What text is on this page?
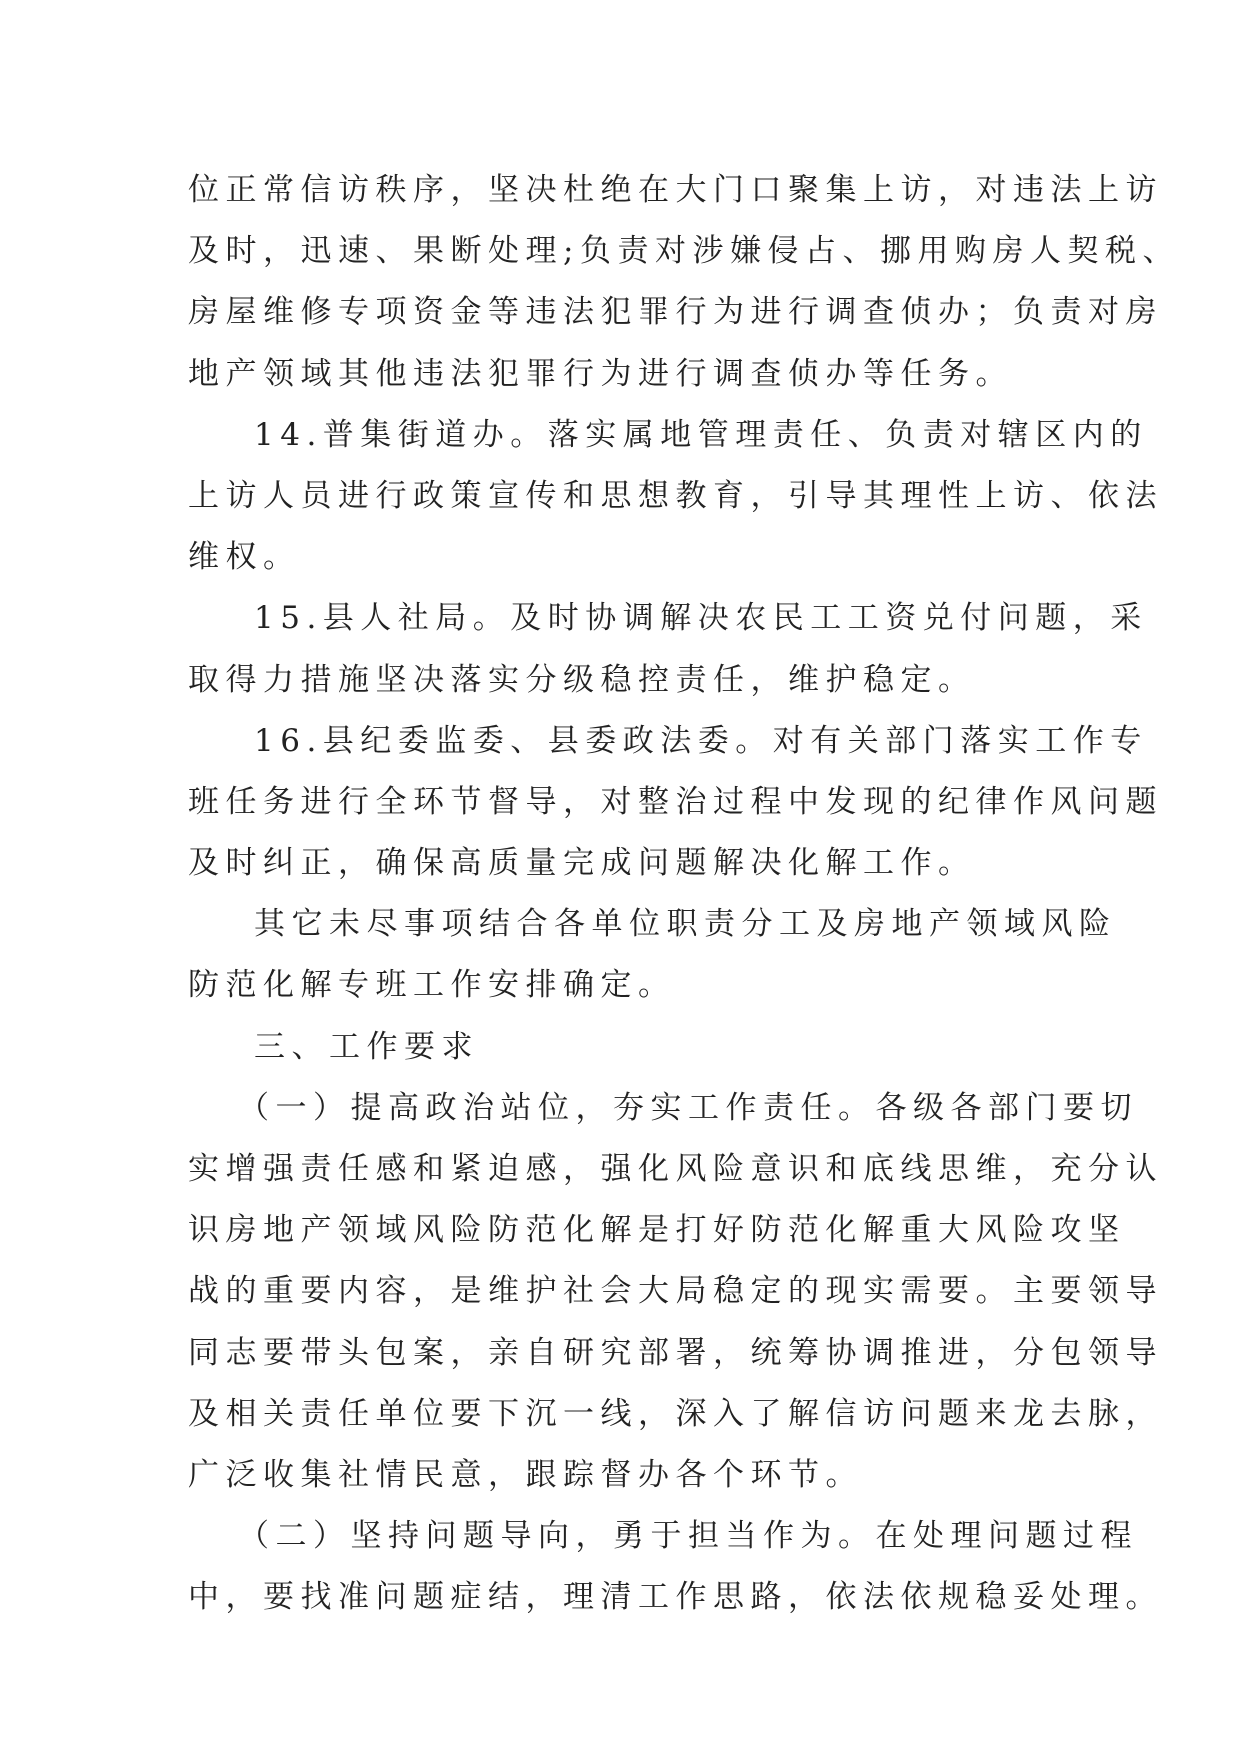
位正常信访秩序，坚决杜绝在大门口聚集上访，对违法上访
及时，迅速、果断处理;负责对涉嫌侵占、挪用购房人契税、
房屋维修专项资金等违法犯罪行为进行调查侦办；负责对房
地产领域其他违法犯罪行为进行调查侦办等任务。
14.普集街道办。落实属地管理责任、负责对辖区内的
上访人员进行政策宣传和思想教育，引导其理性上访、依法
维权。
15.县人社局。及时协调解决农民工工资兑付问题，采
取得力措施坚决落实分级稳控责任，维护稳定。
16.县纪委监委、县委政法委。对有关部门落实工作专
班任务进行全环节督导，对整治过程中发现的纪律作风问题
及时纠正，确保高质量完成问题解决化解工作。
其它未尽事项结合各单位职责分工及房地产领域风险
防范化解专班工作安排确定。
三、工作要求
（一）提高政治站位，夯实工作责任。各级各部门要切
实增强责任感和紧迫感，强化风险意识和底线思维，充分认
识房地产领域风险防范化解是打好防范化解重大风险攻坚
战的重要内容，是维护社会大局稳定的现实需要。主要领导
同志要带头包案，亲自研究部署，统筹协调推进，分包领导
及相关责任单位要下沉一线，深入了解信访问题来龙去脉，
广泛收集社情民意，跟踪督办各个环节。
（二）坚持问题导向，勇于担当作为。在处理问题过程
中，要找准问题症结，理清工作思路，依法依规稳妥处理。
